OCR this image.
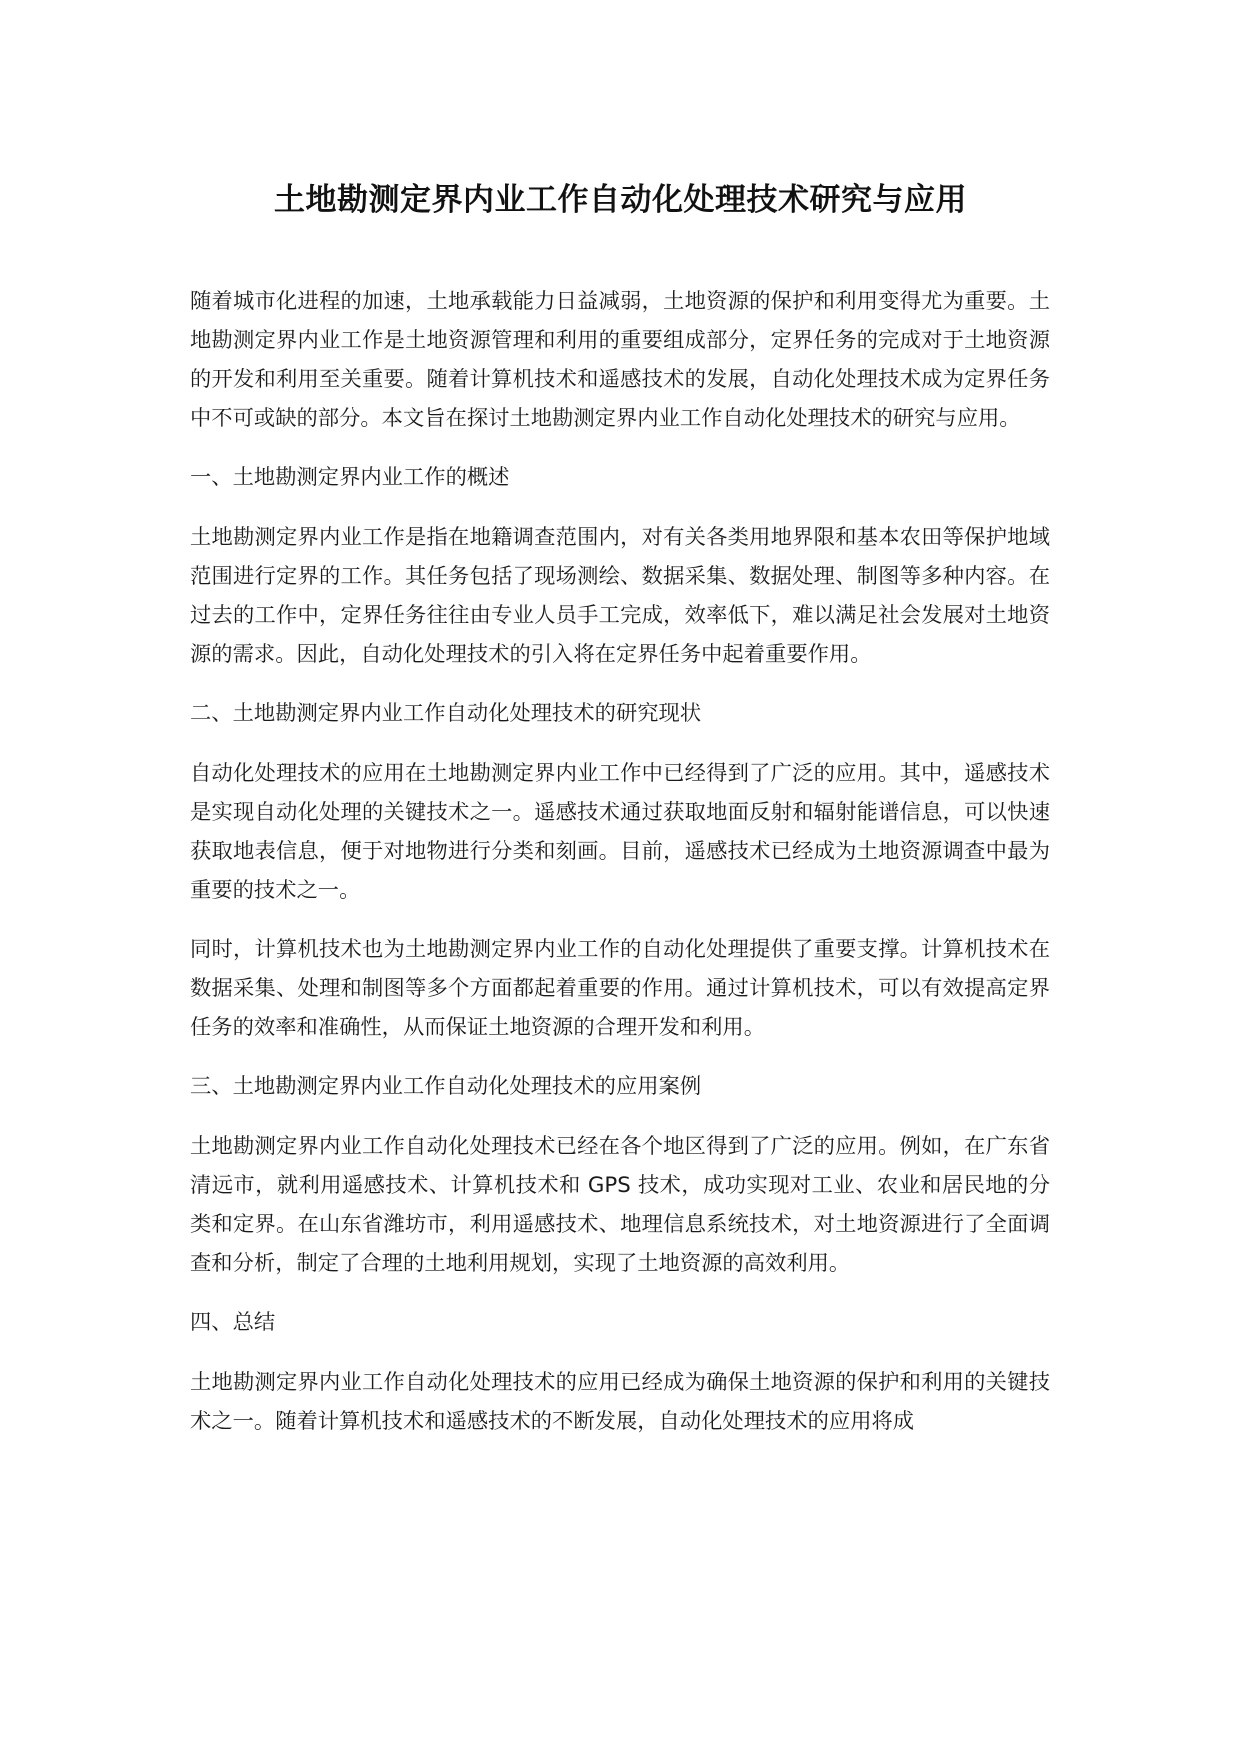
土地勘测定界内业工作自动化处理技术研究与应用

随着城市化进程的加速，土地承载能力日益减弱，土地资源的保护和利用变得尤为重要。土地勘测定界内业工作是土地资源管理和利用的重要组成部分，定界任务的完成对于土地资源的开发和利用至关重要。随着计算机技术和遥感技术的发展，自动化处理技术成为定界任务中不可或缺的部分。本文旨在探讨土地勘测定界内业工作自动化处理技术的研究与应用。

一、土地勘测定界内业工作的概述

土地勘测定界内业工作是指在地籍调查范围内，对有关各类用地界限和基本农田等保护地域范围进行定界的工作。其任务包括了现场测绘、数据采集、数据处理、制图等多种内容。在过去的工作中，定界任务往往由专业人员手工完成，效率低下，难以满足社会发展对土地资源的需求。因此，自动化处理技术的引入将在定界任务中起着重要作用。

二、土地勘测定界内业工作自动化处理技术的研究现状

自动化处理技术的应用在土地勘测定界内业工作中已经得到了广泛的应用。其中，遥感技术是实现自动化处理的关键技术之一。遥感技术通过获取地面反射和辐射能谱信息，可以快速获取地表信息，便于对地物进行分类和刻画。目前，遥感技术已经成为土地资源调查中最为重要的技术之一。

同时，计算机技术也为土地勘测定界内业工作的自动化处理提供了重要支撑。计算机技术在数据采集、处理和制图等多个方面都起着重要的作用。通过计算机技术，可以有效提高定界任务的效率和准确性，从而保证土地资源的合理开发和利用。

三、土地勘测定界内业工作自动化处理技术的应用案例

土地勘测定界内业工作自动化处理技术已经在各个地区得到了广泛的应用。例如，在广东省清远市，就利用遥感技术、计算机技术和 GPS 技术，成功实现对工业、农业和居民地的分类和定界。在山东省潍坊市，利用遥感技术、地理信息系统技术，对土地资源进行了全面调查和分析，制定了合理的土地利用规划，实现了土地资源的高效利用。

四、总结

土地勘测定界内业工作自动化处理技术的应用已经成为确保土地资源的保护和利用的关键技术之一。随着计算机技术和遥感技术的不断发展，自动化处理技术的应用将成
